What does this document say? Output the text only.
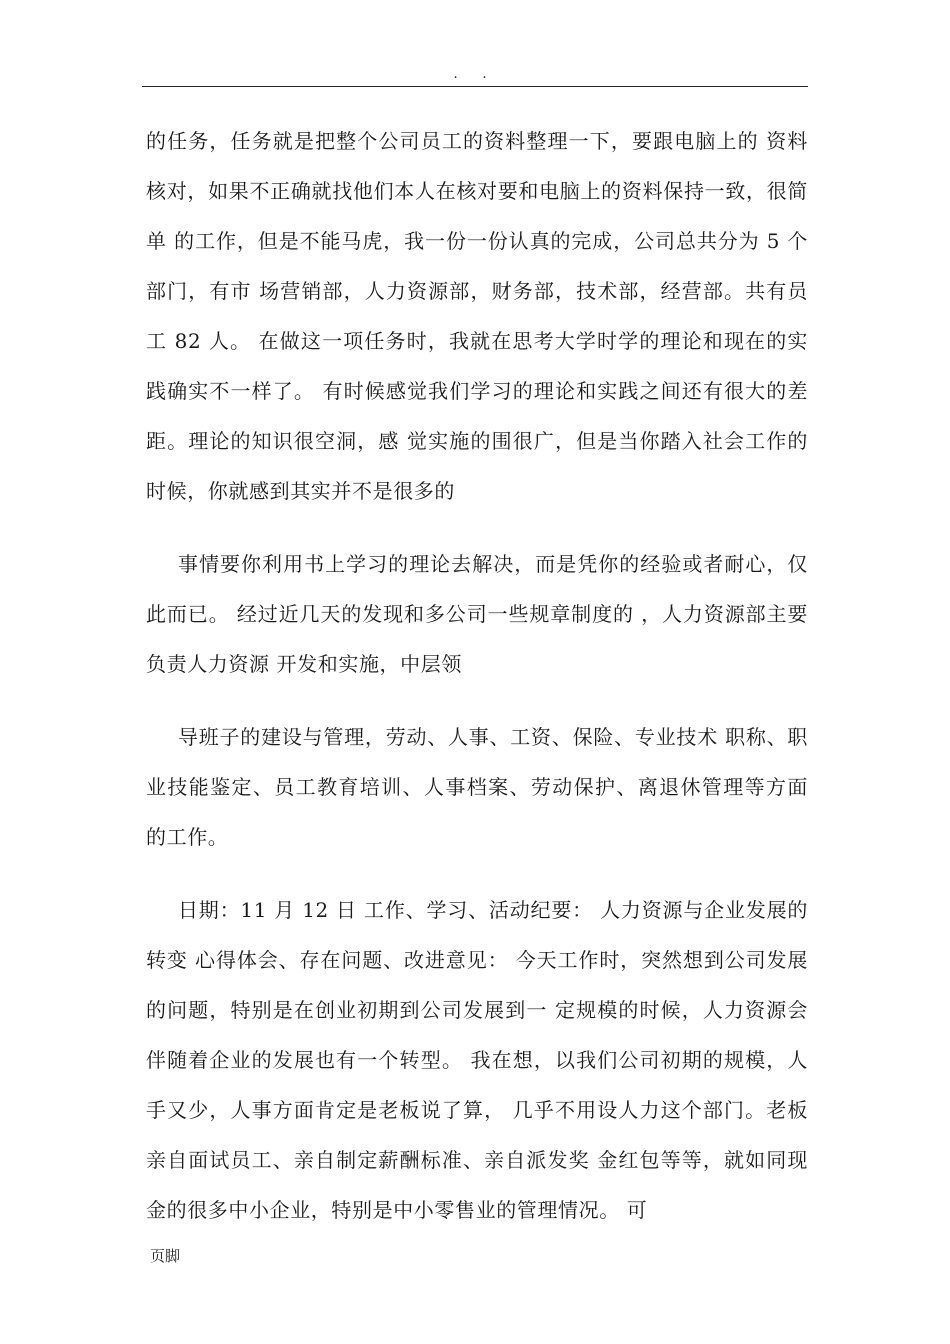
. .

的任务，任务就是把整个公司员工的资料整理一下，要跟电脑上的 资料核对，如果不正确就找他们本人在核对要和电脑上的资料保持一致，很简单 的工作，但是不能马虎，我一份一份认真的完成，公司总共分为 5 个部门，有市 场营销部，人力资源部，财务部，技术部，经营部。共有员工 82 人。 在做这一项任务时，我就在思考大学时学的理论和现在的实践确实不一样了。 有时候感觉我们学习的理论和实践之间还有很大的差距。理论的知识很空洞，感 觉实施的围很广，但是当你踏入社会工作的时候，你就感到其实并不是很多的

事情要你利用书上学习的理论去解决，而是凭你的经验或者耐心，仅此而已。 经过近几天的发现和多公司一些规章制度的 ，人力资源部主要负责人力资源 开发和实施，中层领

导班子的建设与管理，劳动、人事、工资、保险、专业技术 职称、职业技能鉴定、员工教育培训、人事档案、劳动保护、离退休管理等方面 的工作。

日期：11 月 12 日 工作、学习、活动纪要： 人力资源与企业发展的转变 心得体会、存在问题、改进意见： 今天工作时，突然想到公司发展的问题，特别是在创业初期到公司发展到一 定规模的时候，人力资源会伴随着企业的发展也有一个转型。 我在想，以我们公司初期的规模，人手又少，人事方面肯定是老板说了算， 几乎不用设人力这个部门。老板亲自面试员工、亲自制定薪酬标准、亲自派发奖 金红包等等，就如同现金的很多中小企业，特别是中小零售业的管理情况。 可

页脚
